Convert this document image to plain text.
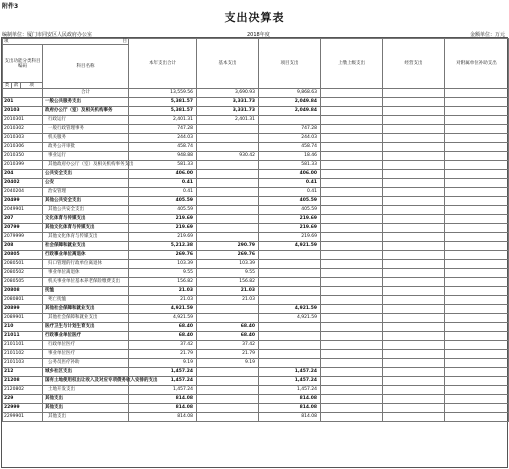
附件3
支出决算表
编制单位：厦门市同安区人民政府办公室	2018年度	金额单位：万元
项 目				本年支出合计	基本支出	项目支出	上缴上级支出	经营支出	对附属单位补助支出
支出功能分类科目编码			科目名称						
类	款	项							
			合计	13,559.56	3,690.93	9,868.63			
201			一般公共服务支出	5,381.57	3,331.73	2,049.84			
20103			政府办公厅（室）及相关机构事务	5,381.57	3,331.73	2,049.84			
2010301			行政运行	2,401.31	2,401.31				
2010302			一般行政管理事务	747.28		747.28			
2010303			机关服务	244.03		244.03			
2010306			政务公开审批	458.74		458.74			
2010350			事业运行	948.88	930.42	18.46			
2010399			其他政府办公厅（室）及相关机构事务支出	581.33		581.33			
204			公共安全支出	406.00		406.00			
20402			公安	0.41		0.41			
2040204			治安管理	0.41		0.41			
20499			其他公共安全支出	405.59		405.59			
2049901			其他公共安全支出	405.59		405.59			
207			文化体育与传媒支出	219.69		219.69			
20799			其他文化体育与传媒支出	219.69		219.69			
2079999			其他文化体育与传媒支出	219.69		219.69			
208			社会保障和就业支出	5,212.38	290.79	4,921.59			
20805			行政事业单位离退休	269.76	269.76				
2080501			归口管理的行政单位离退休	103.39	103.39				
2080502			事业单位离退休	9.55	9.55				
2080505			机关事业单位基本养老保险缴费支出	156.82	156.82				
20808			抚恤	21.03	21.03				
2080801			死亡抚恤	21.03	21.03				
20899			其他社会保障和就业支出	4,921.59		4,921.59			
2089901			其他社会保障和就业支出	4,921.59		4,921.59			
210			医疗卫生与计划生育支出	68.40	68.40				
21011			行政事业单位医疗	68.40	68.40				
2101101			行政单位医疗	37.42	37.42				
2101102			事业单位医疗	21.79	21.79				
2101103			公务员医疗补助	9.19	9.19				
212			城乡社区支出	1,457.24		1,457.24			
21208			国有土地使用权出让收入及对应专项债务收入安排的支出	1,457.24		1,457.24			
2120802			土地开发支出	1,457.24		1,457.24			
229			其他支出	814.08		814.08			
22999			其他支出	814.08		814.08			
2299901			其他支出	814.08		814.08			
